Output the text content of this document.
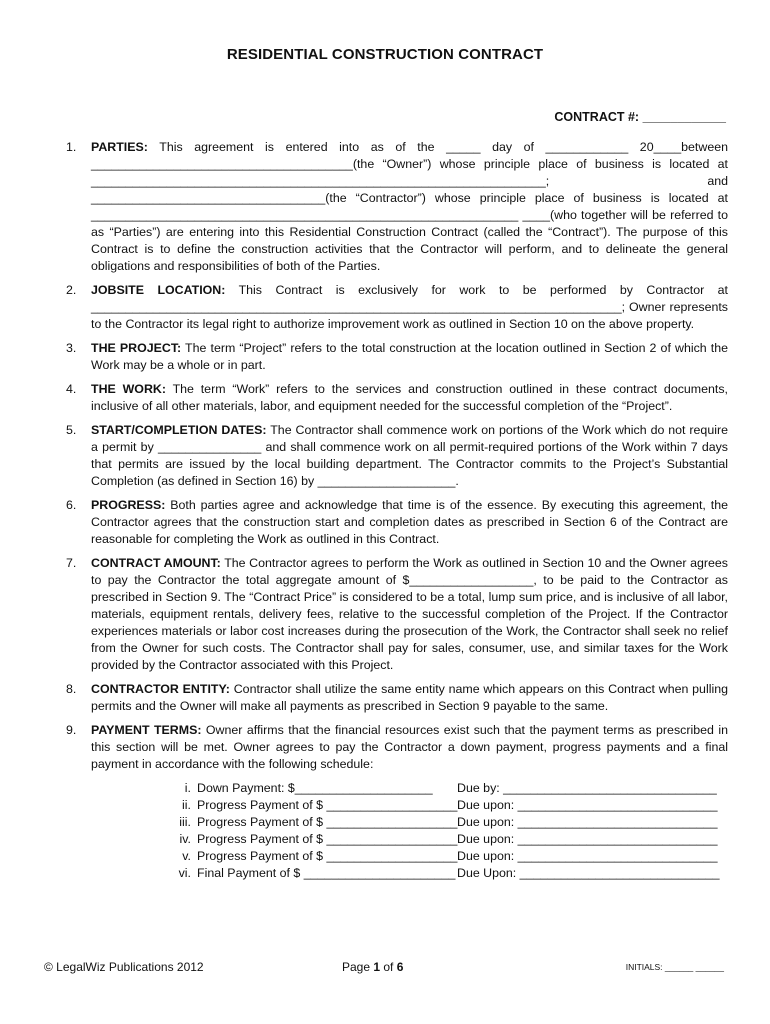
RESIDENTIAL CONSTRUCTION CONTRACT
CONTRACT #: ____________
1.	PARTIES: This agreement is entered into as of the _____ day of ____________ 20____between ______________________________________(the “Owner”) whose principle place of business is located at __________________________________________________________________; and __________________________________(the “Contractor”) whose principle place of business is located at ______________________________________________________________ ____(who together will be referred to as “Parties”) are entering into this Residential Construction Contract (called the “Contract”). The purpose of this Contract is to define the construction activities that the Contractor will perform, and to delineate the general obligations and responsibilities of both of the Parties.
2.	JOBSITE LOCATION: This Contract is exclusively for work to be performed by Contractor at _____________________________________________________________________________; Owner represents to the Contractor its legal right to authorize improvement work as outlined in Section 10 on the above property.
3.	THE PROJECT: The term “Project” refers to the total construction at the location outlined in Section 2 of which the Work may be a whole or in part.
4.	THE WORK: The term “Work” refers to the services and construction outlined in these contract documents, inclusive of all other materials, labor, and equipment needed for the successful completion of the “Project”.
5.	START/COMPLETION DATES: The Contractor shall commence work on portions of the Work which do not require a permit by _______________ and shall commence work on all permit-required portions of the Work within 7 days that permits are issued by the local building department. The Contractor commits to the Project’s Substantial Completion (as defined in Section 16) by ____________________.
6.	PROGRESS: Both parties agree and acknowledge that time is of the essence. By executing this agreement, the Contractor agrees that the construction start and completion dates as prescribed in Section 6 of the Contract are reasonable for completing the Work as outlined in this Contract.
7.	CONTRACT AMOUNT: The Contractor agrees to perform the Work as outlined in Section 10 and the Owner agrees to pay the Contractor the total aggregate amount of $__________________, to be paid to the Contractor as prescribed in Section 9. The “Contract Price” is considered to be a total, lump sum price, and is inclusive of all labor, materials, equipment rentals, delivery fees, relative to the successful completion of the Project. If the Contractor experiences materials or labor cost increases during the prosecution of the Work, the Contractor shall seek no relief from the Owner for such costs. The Contractor shall pay for sales, consumer, use, and similar taxes for the Work provided by the Contractor associated with this Project.
8.	CONTRACTOR ENTITY: Contractor shall utilize the same entity name which appears on this Contract when pulling permits and the Owner will make all payments as prescribed in Section 9 payable to the same.
9.	PAYMENT TERMS: Owner affirms that the financial resources exist such that the payment terms as prescribed in this section will be met. Owner agrees to pay the Contractor a down payment, progress payments and a final payment in accordance with the following schedule:
i. Down Payment: $____________________	Due by: _______________________________
ii. Progress Payment of $ ___________________ Due upon: _____________________________
iii. Progress Payment of $ ___________________ Due upon: _____________________________
iv. Progress Payment of $ ___________________ Due upon: _____________________________
v. Progress Payment of $ ___________________ Due upon: _____________________________
vi. Final Payment of $ ______________________ Due Upon: _____________________________
© LegalWiz Publications 2012	Page 1 of 6	INITIALS: ______ ______
